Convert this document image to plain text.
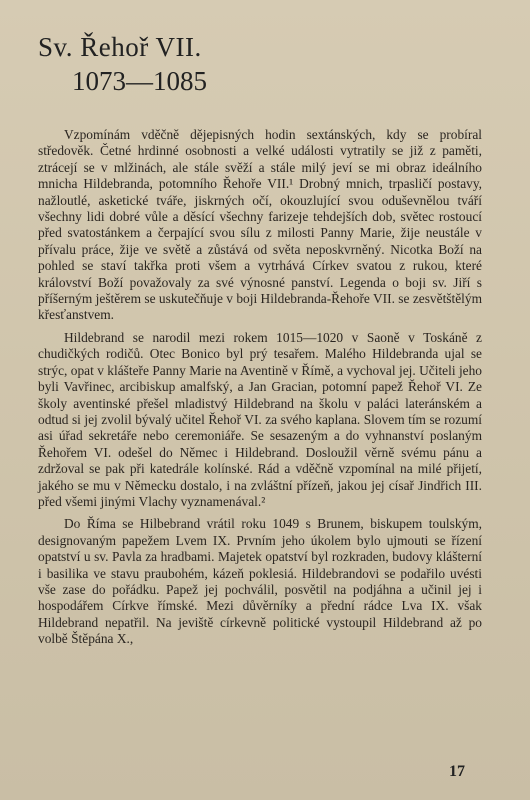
Sv. Řehoř VII.
1073—1085

Vzpomínám vděčně dějepisných hodin sextánských, kdy se probíral středověk. Četné hrdinné osobnosti a velké události vytratily se již z paměti, ztrácejí se v mlžinách, ale stále svěží a stále milý jeví se mi obraz ideálního mnicha Hildebranda, potomního Řehoře VII.¹ Drobný mnich, trpasličí postavy, nažloutlé, asketické tváře, jiskrných očí, okouzlující svou oduševnělou tváří všechny lidi dobré vůle a děsící všechny farizeje tehdejších dob, světec rostoucí před svatostánkem a čerpající svou sílu z milosti Panny Marie, žije neustále v přívalu práce, žije ve světě a zůstává od světa neposkvrněný. Nicotka Boží na pohled se staví takřka proti všem a vytrhává Církev svatou z rukou, které království Boží považovaly za své výnosné panství. Legenda o boji sv. Jiří s příšerným ještěrem se uskutečňuje v boji Hildebranda-Řehoře VII. se zesvětštělým křesťanstvem.

Hildebrand se narodil mezi rokem 1015—1020 v Saoně v Toskáně z chudičkých rodičů. Otec Bonico byl prý tesařem. Malého Hildebranda ujal se strýc, opat v klášteře Panny Marie na Aventině v Římě, a vychoval jej. Učiteli jeho byli Vavřinec, arcibiskup amalfský, a Jan Gracian, potomní papež Řehoř VI. Ze školy aventinské přešel mladistvý Hildebrand na školu v paláci lateránském a odtud si jej zvolil bývalý učitel Řehoř VI. za svého kaplana. Slovem tím se rozumí asi úřad sekretáře nebo ceremoniáře. Se sesazeným a do vyhnanství poslaným Řehořem VI. odešel do Němec i Hildebrand. Dosloužil věrně svému pánu a zdržoval se pak při katedrále kolínské. Rád a vděčně vzpomínal na milé přijetí, jakého se mu v Německu dostalo, i na zvláštní přízeň, jakou jej císař Jindřich III. před všemi jinými Vlachy vyznamenával.²

Do Říma se Hilbebrand vrátil roku 1049 s Brunem, biskupem toulským, designovaným papežem Lvem IX. Prvním jeho úkolem bylo ujmouti se řízení opatství u sv. Pavla za hradbami. Majetek opatství byl rozkraden, budovy klášterní i basilika ve stavu praubohém, kázeň poklesiá. Hildebrandovi se podařilo uvésti vše zase do pořádku. Papež jej pochválil, posvětil na podjáhna a učinil jej i hospodářem Církve římské. Mezi důvěrníky a přední rádce Lva IX. však Hildebrand nepatřil. Na jeviště církevně politické vystoupil Hildebrand až po volbě Štěpána X.,

17
